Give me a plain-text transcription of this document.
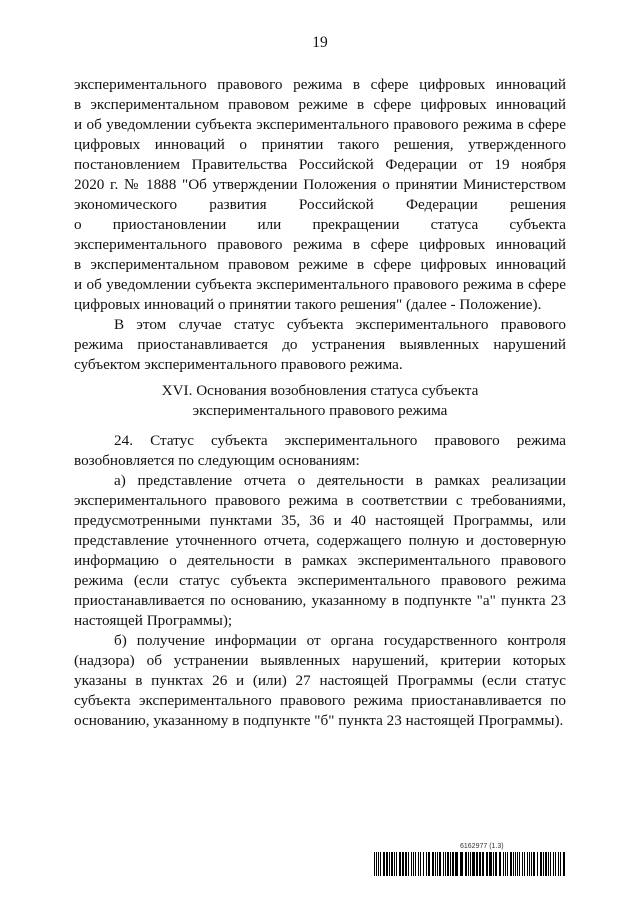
19
экспериментального правового режима в сфере цифровых инноваций
в экспериментальном правовом режиме в сфере цифровых инноваций
и об уведомлении субъекта экспериментального правового режима в сфере
цифровых инноваций о принятии такого решения, утвержденного
постановлением Правительства Российской Федерации от 19 ноября
2020 г. № 1888 "Об утверждении Положения о принятии Министерством
экономического развития Российской Федерации решения
о приостановлении или прекращении статуса субъекта
экспериментального правового режима в сфере цифровых инноваций
в экспериментальном правовом режиме в сфере цифровых инноваций
и об уведомлении субъекта экспериментального правового режима в сфере
цифровых инноваций о принятии такого решения" (далее - Положение).
В этом случае статус субъекта экспериментального правового
режима приостанавливается до устранения выявленных нарушений
субъектом экспериментального правового режима.
XVI. Основания возобновления статуса субъекта
экспериментального правового режима
24. Статус субъекта экспериментального правового режима
возобновляется по следующим основаниям:
а) представление отчета о деятельности в рамках реализации
экспериментального правового режима в соответствии с требованиями,
предусмотренными пунктами 35, 36 и 40 настоящей Программы, или
представление уточненного отчета, содержащего полную и достоверную
информацию о деятельности в рамках экспериментального правового
режима (если статус субъекта экспериментального правового режима
приостанавливается по основанию, указанному в подпункте "а" пункта 23
настоящей Программы);
б) получение информации от органа государственного контроля
(надзора) об устранении выявленных нарушений, критерии которых
указаны в пунктах 26 и (или) 27 настоящей Программы (если статус
субъекта экспериментального правового режима приостанавливается по
основанию, указанному в подпункте "б" пункта 23 настоящей Программы).
6162977 (1.3)
